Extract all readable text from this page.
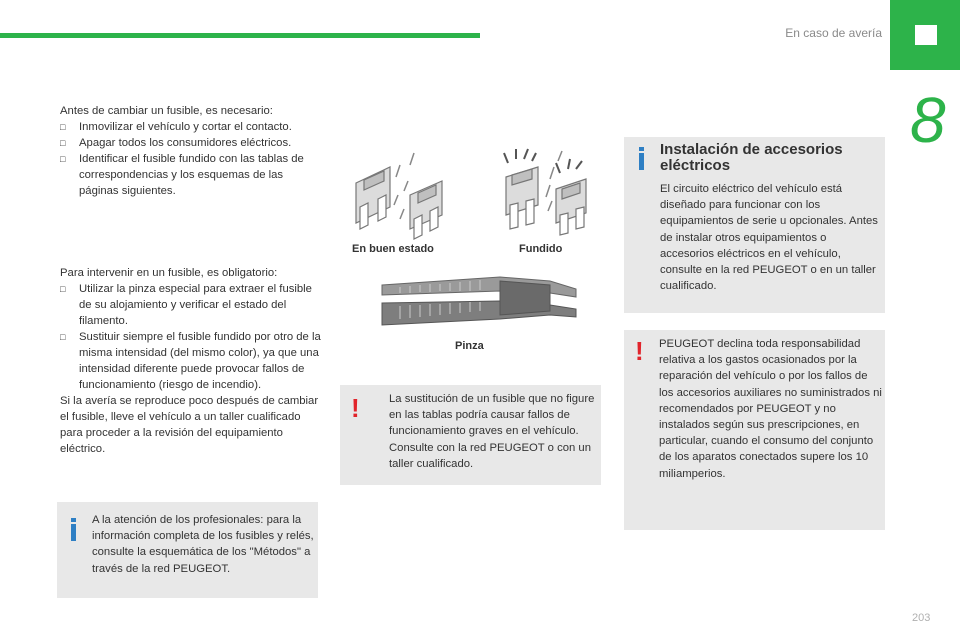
En caso de avería
8
203

Antes de cambiar un fusible, es necesario:

□ Inmovilizar el vehículo y cortar el contacto.
□ Apagar todos los consumidores eléctricos.
□ Identificar el fusible fundido con las tablas de correspondencias y los esquemas de las páginas siguientes.

Para intervenir en un fusible, es obligatorio:

□ Utilizar la pinza especial para extraer el fusible de su alojamiento y verificar el estado del filamento.
□ Sustituir siempre el fusible fundido por otro de la misma intensidad (del mismo color), ya que una intensidad diferente puede provocar fallos de funcionamiento (riesgo de incendio).

Si la avería se reproduce poco después de cambiar el fusible, lleve el vehículo a un taller cualificado para proceder a la revisión del equipamiento eléctrico.

A la atención de los profesionales: para la información completa de los fusibles y relés, consulte la esquemática de los "Métodos" a través de la red PEUGEOT.
En buen estado	Fundido
Pinza
!	La sustitución de un fusible que no figure en las tablas podría causar fallos de funcionamiento graves en el vehículo. Consulte con la red PEUGEOT o con un taller cualificado.
Instalación de accesorios eléctricos
El circuito eléctrico del vehículo está diseñado para funcionar con los equipamientos de serie u opcionales. Antes de instalar otros equipamientos o accesorios eléctricos en el vehículo, consulte en la red PEUGEOT o en un taller cualificado.
! PEUGEOT declina toda responsabilidad relativa a los gastos ocasionados por la reparación del vehículo o por los fallos de los accesorios auxiliares no suministrados ni recomendados por PEUGEOT y no instalados según sus prescripciones, en particular, cuando el consumo del conjunto de los aparatos conectados supere los 10 miliamperios.
